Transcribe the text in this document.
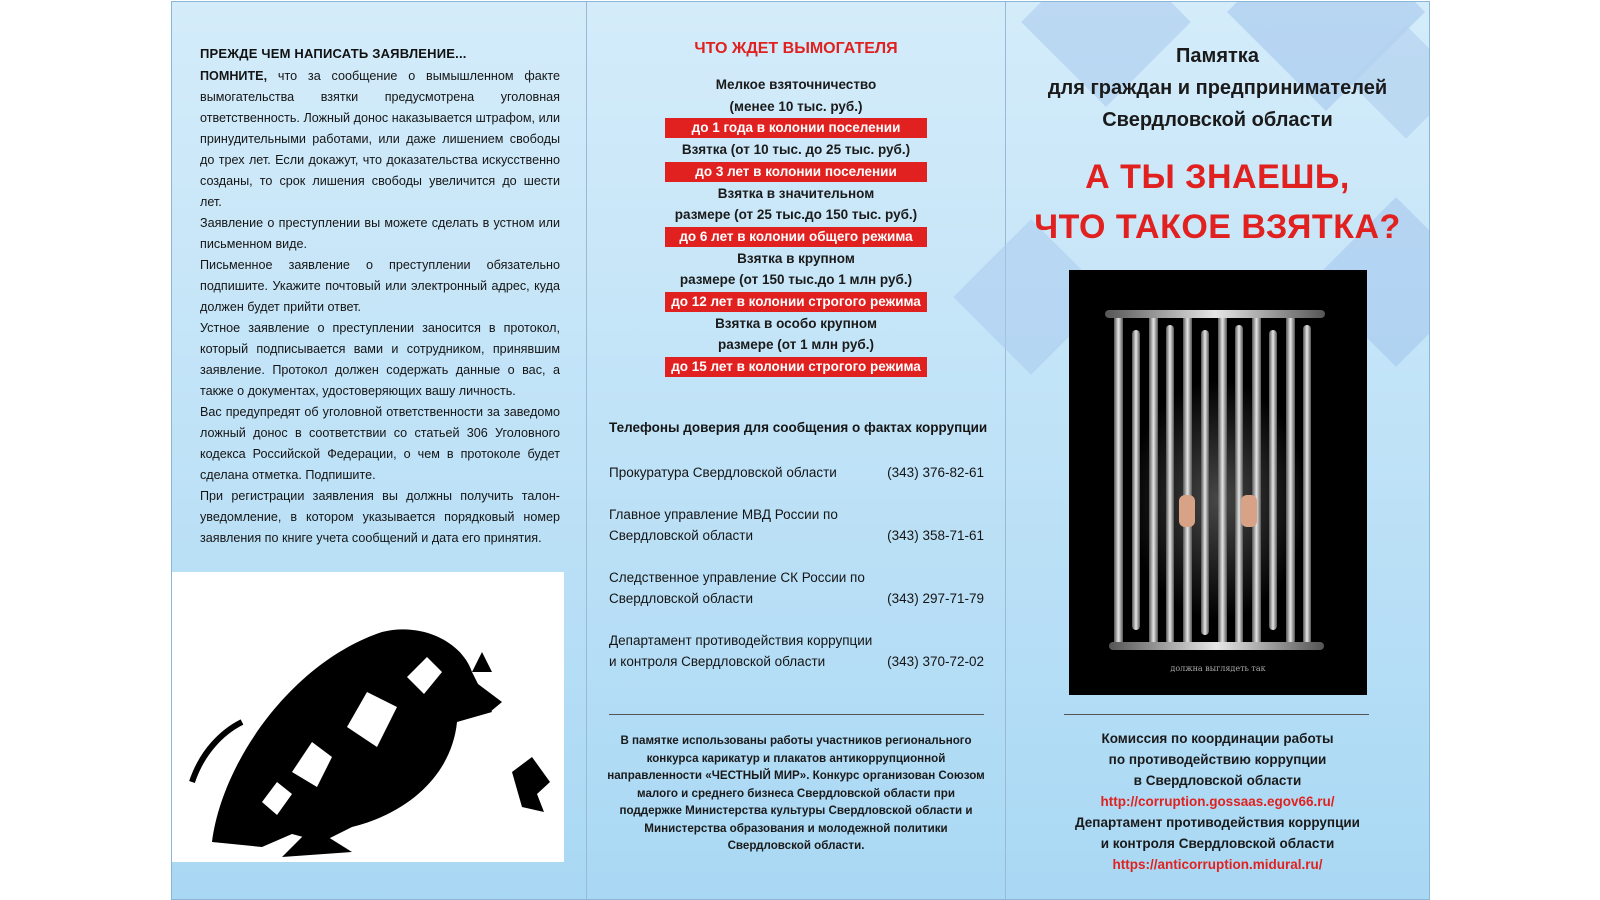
ПРЕЖДЕ ЧЕМ НАПИСАТЬ ЗАЯВЛЕНИЕ...

ПОМНИТЕ, что за сообщение о вымышленном факте вымогательства взятки предусмотрена уголовная ответственность. Ложный донос наказывается штрафом, или принудительными работами, или даже лишением свободы до трех лет. Если докажут, что доказательства искусственно созданы, то срок лишения свободы увеличится до шести лет.

Заявление о преступлении вы можете сделать в устном или письменном виде.

Письменное заявление о преступлении обязательно подпишите. Укажите почтовый или электронный адрес, куда должен будет прийти ответ.

Устное заявление о преступлении заносится в протокол, который подписывается вами и сотрудником, принявшим заявление. Протокол должен содержать данные о вас, а также о документах, удостоверяющих вашу личность.

Вас предупредят об уголовной ответственности за заведомо ложный донос в соответствии со статьей 306 Уголовного кодекса Российской Федерации, о чем в протоколе будет сделана отметка. Подпишите.

При регистрации заявления вы должны получить талон-уведомление, в котором указывается порядковый номер заявления по книге учета сообщений и дата его принятия.

ЧТО ЖДЕТ ВЫМОГАТЕЛЯ
Мелкое взяточничество
(менее 10 тыс. руб.)
до 1 года в колонии поселении
Взятка (от 10 тыс. до 25 тыс. руб.)
до 3 лет в колонии поселении
Взятка в значительном
размере (от 25 тыс.до 150 тыс. руб.)
до 6 лет в колонии общего режима
Взятка в крупном
размере (от 150 тыс.до 1 млн руб.)
до 12 лет в колонии строгого режима
Взятка в особо крупном
размере (от 1 млн руб.)
до 15 лет в колонии строгого режима
Телефоны доверия для сообщения о фактах коррупции
Прокуратура Свердловской области	(343) 376-82-61
Главное управление МВД России по Свердловской области	(343) 358-71-61
Следственное управление СК России по Свердловской области	(343) 297-71-79
Департамент противодействия коррупции и контроля Свердловской области	(343) 370-72-02
В памятке использованы работы участников регионального конкурса карикатур и плакатов антикоррупционной направленности «ЧЕСТНЫЙ МИР». Конкурс организован Союзом малого и среднего бизнеса Свердловской области при поддержке Министерства культуры Свердловской области и Министерства образования и молодежной политики Свердловской области.
Памятка
для граждан и предпринимателей
Свердловской области
А ТЫ ЗНАЕШЬ,
ЧТО ТАКОЕ ВЗЯТКА?
должна выглядеть так
Комиссия по координации работы
по противодействию коррупции
в Свердловской области
http://corruption.gossaas.egov66.ru/
Департамент противодействия коррупции
и контроля Свердловской области
https://anticorruption.midural.ru/
